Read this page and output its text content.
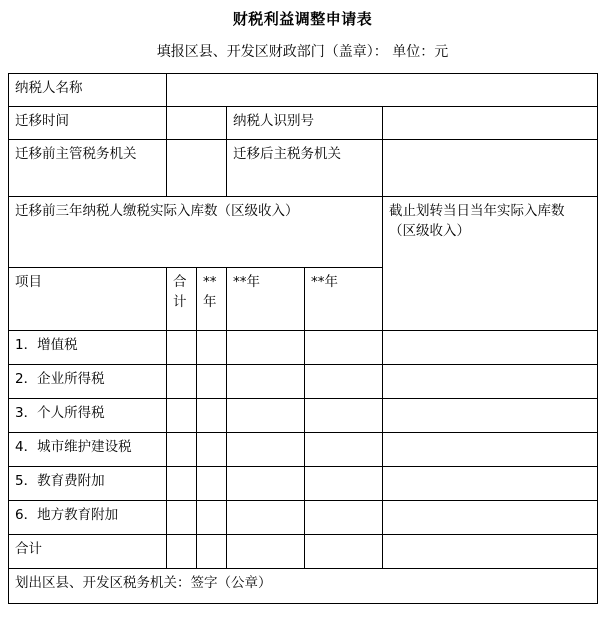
财税利益调整申请表
填报区县、开发区财政部门（盖章）： 单位：元
纳税人名称					
迁移时间			纳税人识别号		
迁移前主管税务机关			迁移后主税务机关		
迁移前三年纳税人缴税实际入库数（区级收入）					截止划转当日当年实际入库数（区级收入）
项目	合计	**年	**年	**年	
1．增值税					
2．企业所得税					
3．个人所得税					
4．城市维护建设税					
5．教育费附加					
6．地方教育附加					
合计					
划出区县、开发区税务机关：签字（公章）					
